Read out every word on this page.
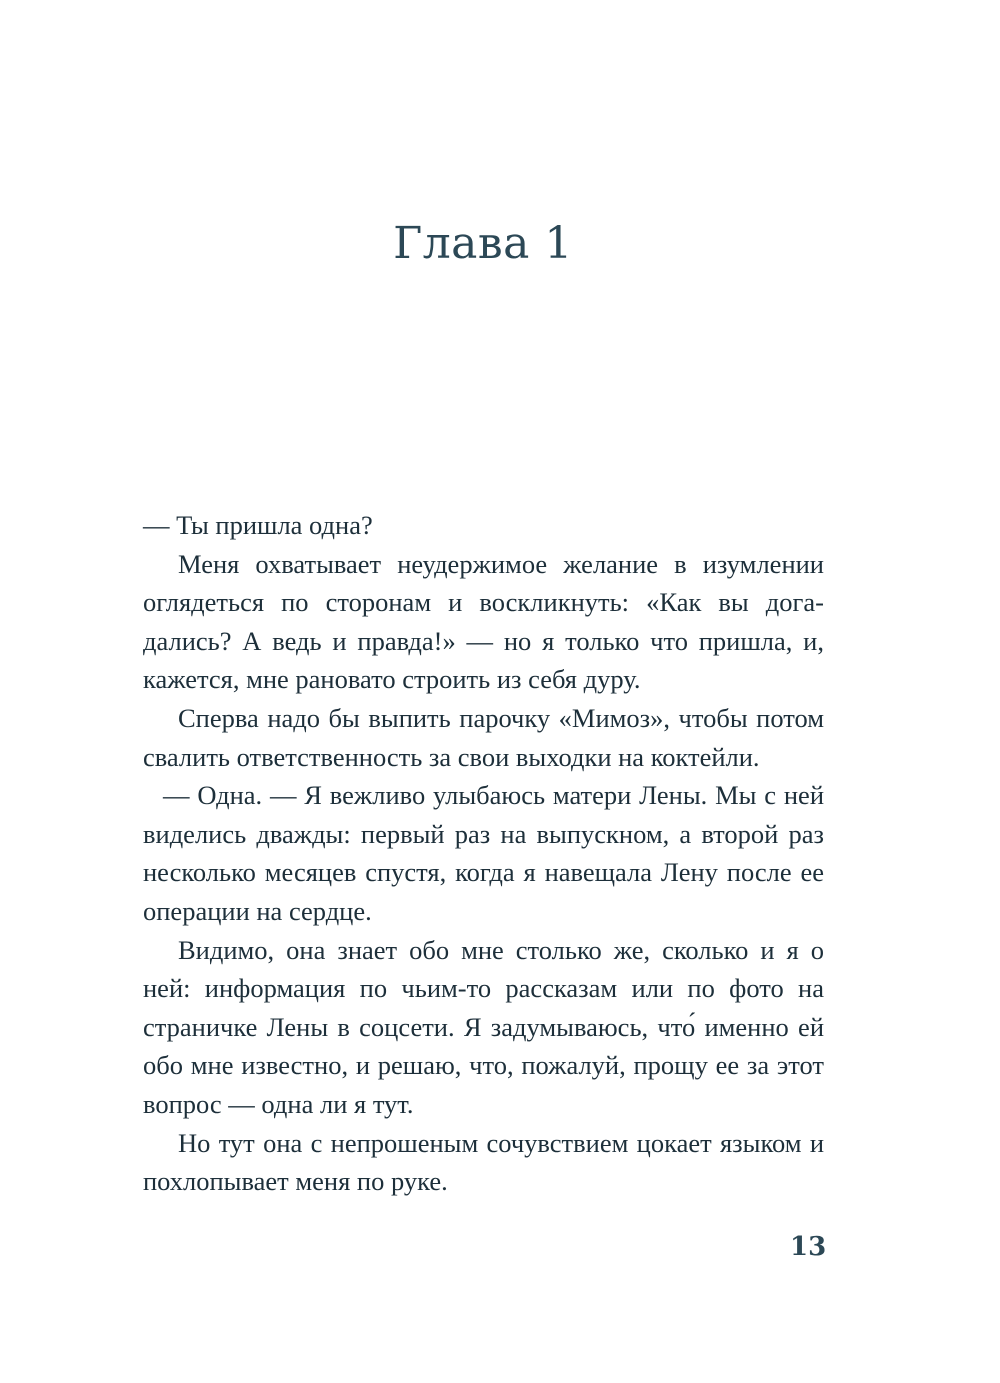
Глава 1

— Ты пришла одна?

Меня охватывает неудержимое желание в изумлении оглядеться по сторонам и воскликнуть: «Как вы догадались? А ведь и правда!» — но я только что пришла, и, кажется, мне рановато строить из себя дуру.

Сперва надо бы выпить парочку «Мимоз», чтобы потом свалить ответственность за свои выходки на коктейли.

— Одна. — Я вежливо улыбаюсь матери Лены. Мы с ней виделись дважды: первый раз на выпускном, а второй раз несколько месяцев спустя, когда я навещала Лену после ее операции на сердце.

Видимо, она знает обо мне столько же, сколько и я о ней: информация по чьим-то рассказам или по фото на страничке Лены в соцсети. Я задумываюсь, что́ именно ей обо мне известно, и решаю, что, пожалуй, прощу ее за этот вопрос — одна ли я тут.

Но тут она с непрошеным сочувствием цокает языком и похлопывает меня по руке.

13
